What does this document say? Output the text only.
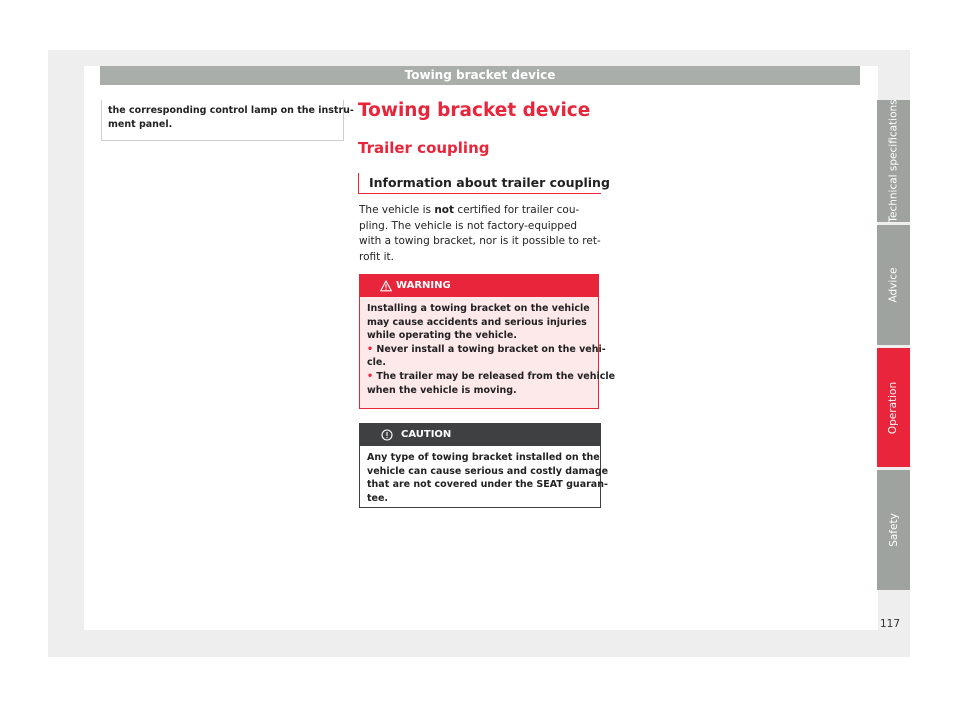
Towing bracket device
the corresponding control lamp on the instru-
ment panel.
Towing bracket device
Trailer coupling
Information about trailer coupling
The vehicle is not certified for trailer cou-
pling. The vehicle is not factory-equipped
with a towing bracket, nor is it possible to ret-
rofit it.
WARNING
Installing a towing bracket on the vehicle
may cause accidents and serious injuries
while operating the vehicle.
• Never install a towing bracket on the vehi-
cle.
• The trailer may be released from the vehicle
when the vehicle is moving.
CAUTION
Any type of towing bracket installed on the
vehicle can cause serious and costly damage
that are not covered under the SEAT guaran-
tee.
Technical specifications
Advice
Operation
Safety
117
